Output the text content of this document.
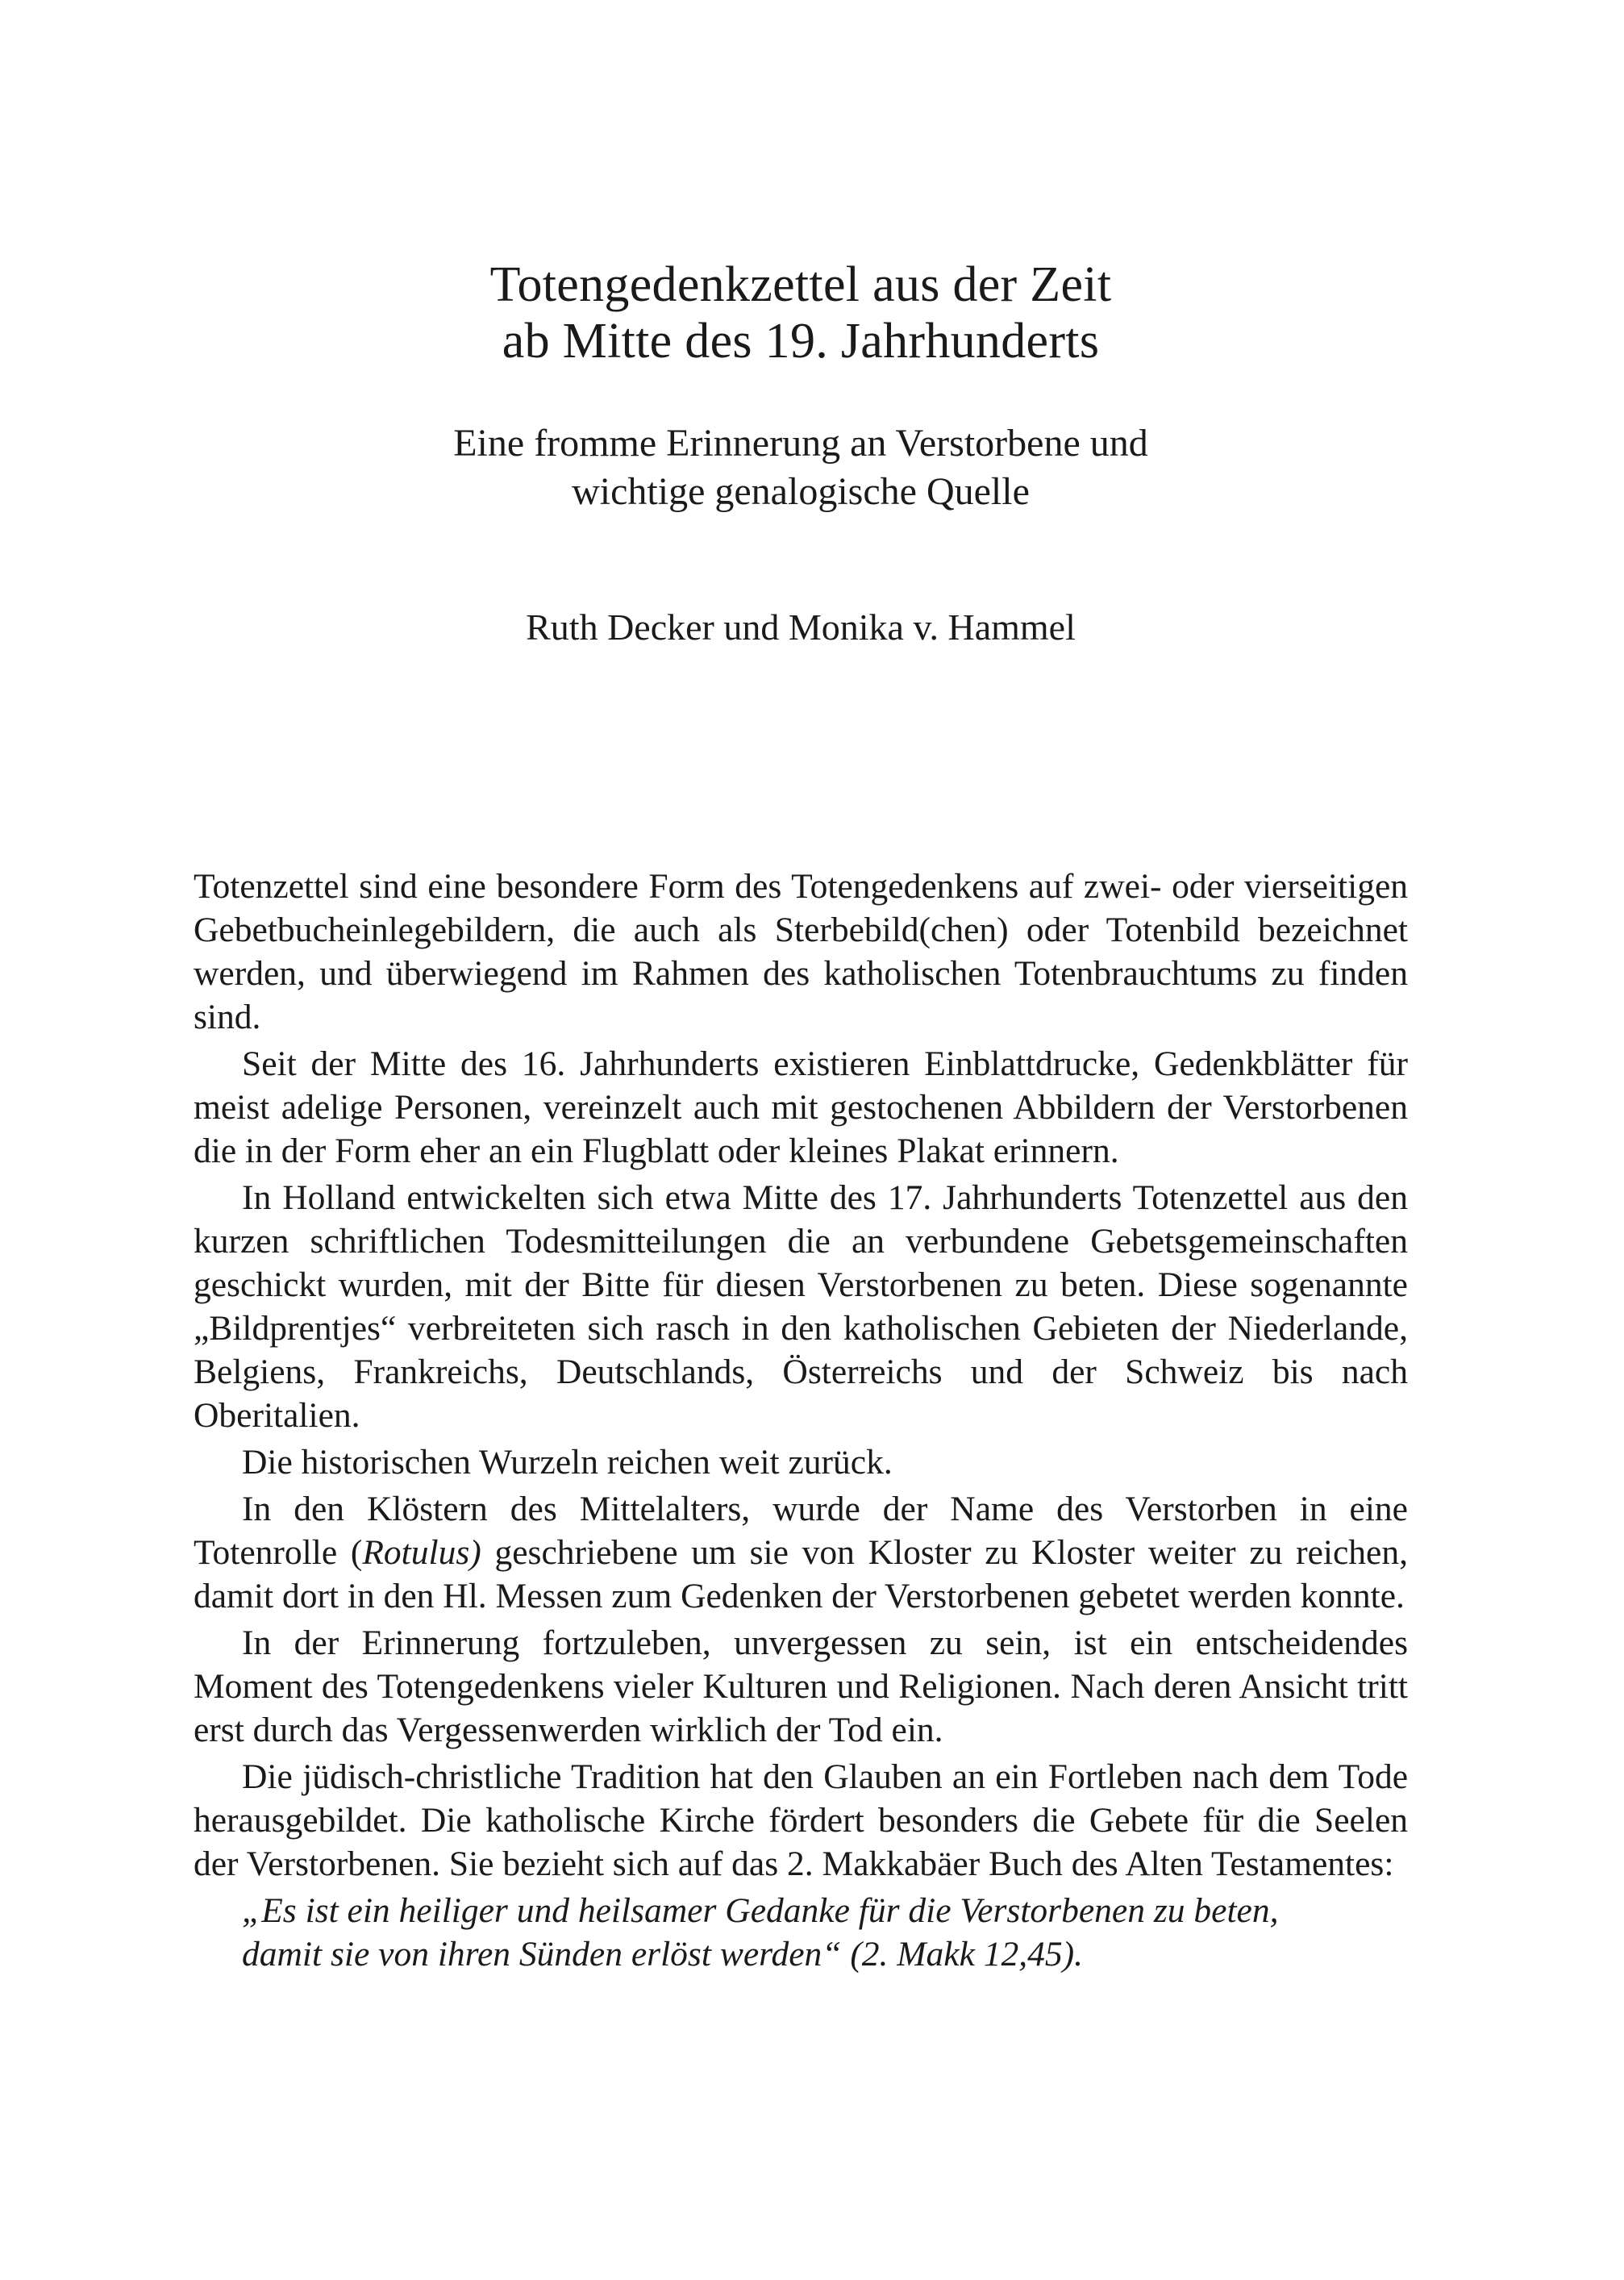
Totengedenkzettel aus der Zeit

ab Mitte des 19. Jahrhunderts

Eine fromme Erinnerung an Verstorbene und

wichtige genalogische Quelle

Ruth Decker und Monika v. Hammel

Totenzettel sind eine besondere Form des Totengedenkens auf zwei- oder vierseitigen Gebetbucheinlegebildern, die auch als Sterbebild(chen) oder Totenbild bezeichnet werden, und überwiegend im Rahmen des katholischen Totenbrauchtums zu finden sind.

Seit der Mitte des 16. Jahrhunderts existieren Einblattdrucke, Gedenkblätter für meist adelige Personen, vereinzelt auch mit gestochenen Abbildern der Verstorbenen die in der Form eher an ein Flugblatt oder kleines Plakat erinnern.

In Holland entwickelten sich etwa Mitte des 17. Jahrhunderts Totenzettel aus den kurzen schriftlichen Todesmitteilungen die an verbundene Gebetsgemeinschaften geschickt wurden, mit der Bitte für diesen Verstorbenen zu beten. Diese sogenannte „Bildprentjes“ verbreiteten sich rasch in den katholischen Gebieten der Niederlande, Belgiens, Frankreichs, Deutschlands, Österreichs und der Schweiz bis nach Oberitalien.

Die historischen Wurzeln reichen weit zurück.

In den Klöstern des Mittelalters, wurde der Name des Verstorben in eine Totenrolle (Rotulus) geschriebene um sie von Kloster zu Kloster weiter zu reichen, damit dort in den Hl. Messen zum Gedenken der Verstorbenen gebetet werden konnte.

In der Erinnerung fortzuleben, unvergessen zu sein, ist ein entscheidendes Moment des Totengedenkens vieler Kulturen und Religionen. Nach deren Ansicht tritt erst durch das Vergessenwerden wirklich der Tod ein.

Die jüdisch-christliche Tradition hat den Glauben an ein Fortleben nach dem Tode herausgebildet. Die katholische Kirche fördert besonders die Gebete für die Seelen der Verstorbenen. Sie bezieht sich auf das 2. Makkabäer Buch des Alten Testamentes:

„Es ist ein heiliger und heilsamer Gedanke für die Verstorbenen zu beten,
damit sie von ihren Sünden erlöst werden“ (2. Makk 12,45).
